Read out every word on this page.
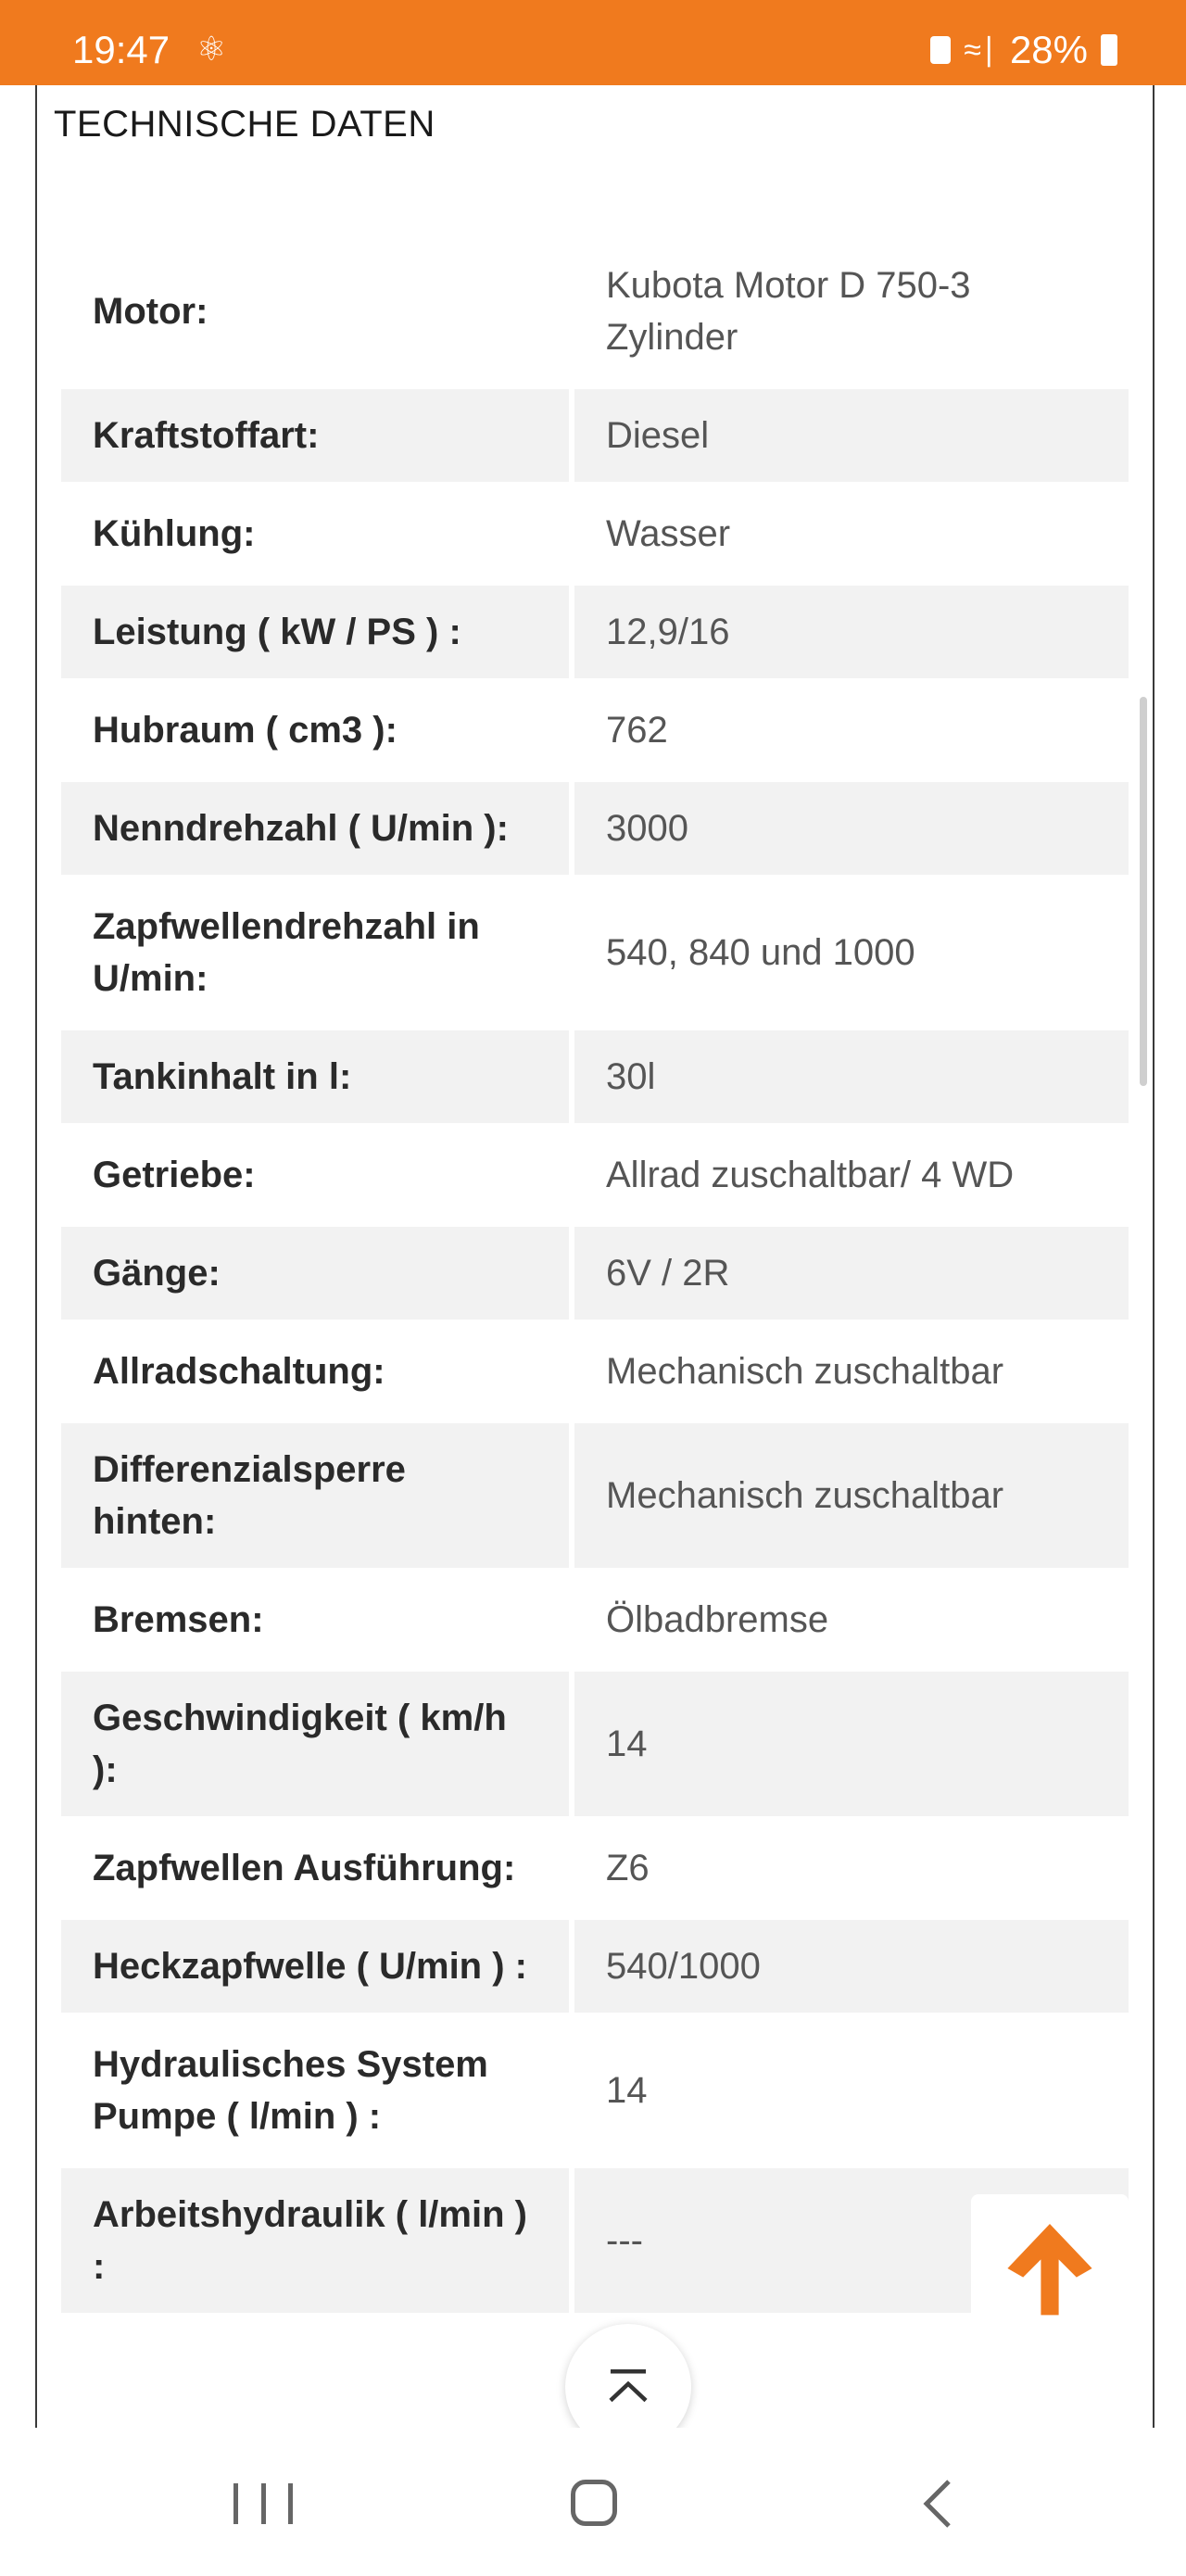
19:47 ⚛	≈∣ 28%
TECHNISCHE DATEN
Motor:	Kubota Motor D 750-3 Zylinder
Kraftstoffart:	Diesel
Kühlung:	Wasser
Leistung ( kW / PS ) :	12,9/16
Hubraum ( cm3 ):	762
Nenndrehzahl ( U/min ):	3000
Zapfwellendrehzahl in U/min:	540, 840 und 1000
Tankinhalt in l:	30l
Getriebe:	Allrad zuschaltbar/ 4 WD
Gänge:	6V / 2R
Allradschaltung:	Mechanisch zuschaltbar
Differenzialsperre hinten:	Mechanisch zuschaltbar
Bremsen:	Ölbadbremse
Geschwindigkeit ( km/h ):	14
Zapfwellen Ausführung:	Z6
Heckzapfwelle ( U/min ) :	540/1000
Hydraulisches System Pumpe ( l/min ) :	14
Arbeitshydraulik ( l/min ) :	---
